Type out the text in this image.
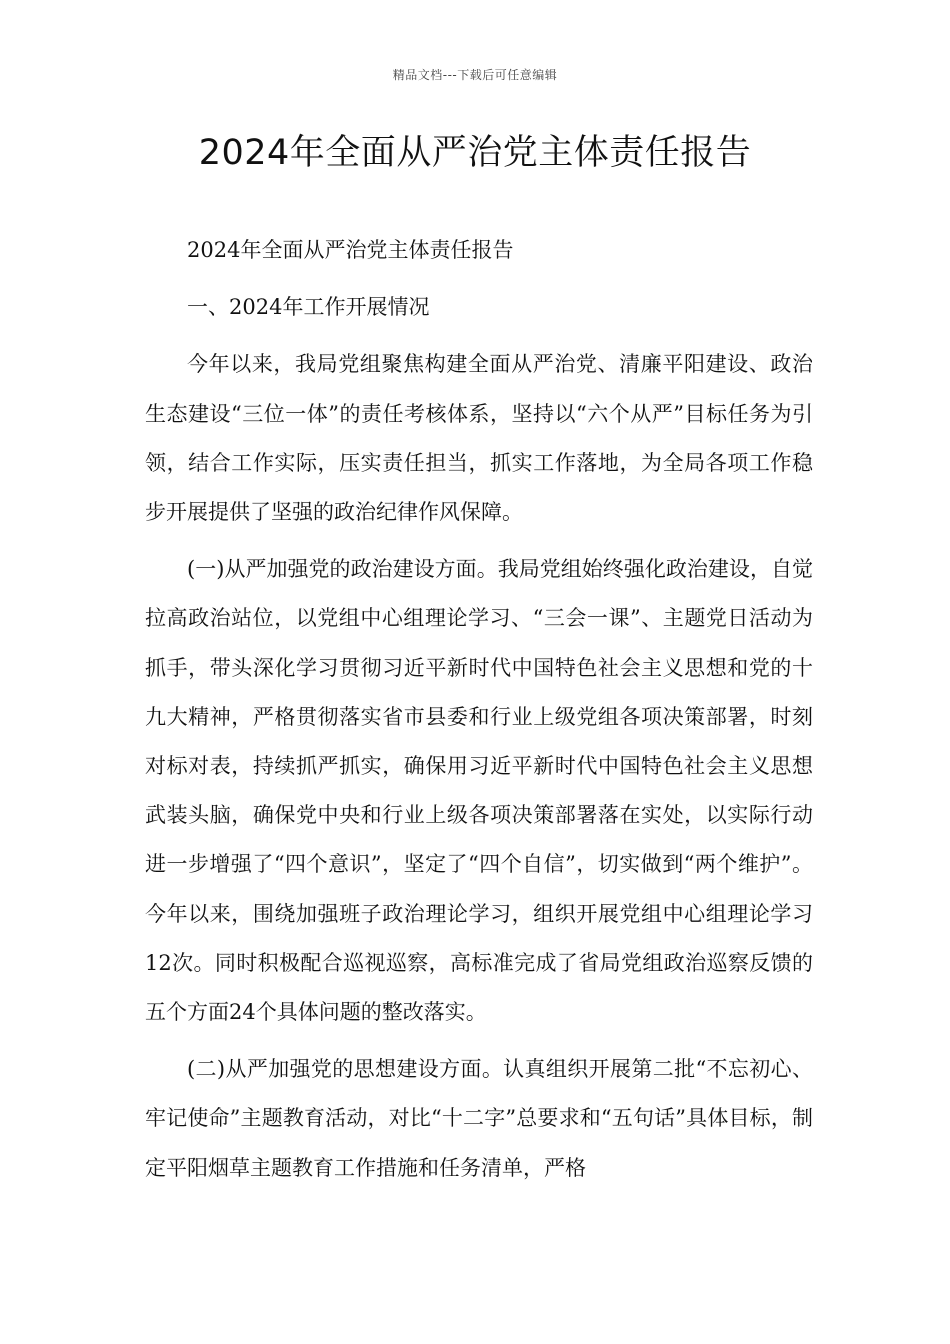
精品文档---下载后可任意编辑
2024年全面从严治党主体责任报告

2024年全面从严治党主体责任报告

一、2024年工作开展情况

今年以来，我局党组聚焦构建全面从严治党、清廉平阳建设、政治生态建设“三位一体”的责任考核体系，坚持以“六个从严”目标任务为引领，结合工作实际，压实责任担当，抓实工作落地，为全局各项工作稳步开展提供了坚强的政治纪律作风保障。

(一)从严加强党的政治建设方面。我局党组始终强化政治建设，自觉拉高政治站位，以党组中心组理论学习、“三会一课”、主题党日活动为抓手，带头深化学习贯彻习近平新时代中国特色社会主义思想和党的十九大精神，严格贯彻落实省市县委和行业上级党组各项决策部署，时刻对标对表，持续抓严抓实，确保用习近平新时代中国特色社会主义思想武装头脑，确保党中央和行业上级各项决策部署落在实处，以实际行动进一步增强了“四个意识”，坚定了“四个自信”，切实做到“两个维护”。今年以来，围绕加强班子政治理论学习，组织开展党组中心组理论学习12次。同时积极配合巡视巡察，高标准完成了省局党组政治巡察反馈的五个方面24个具体问题的整改落实。

(二)从严加强党的思想建设方面。认真组织开展第二批“不忘初心、牢记使命”主题教育活动，对比“十二字”总要求和“五句话”具体目标，制定平阳烟草主题教育工作措施和任务清单，严格
